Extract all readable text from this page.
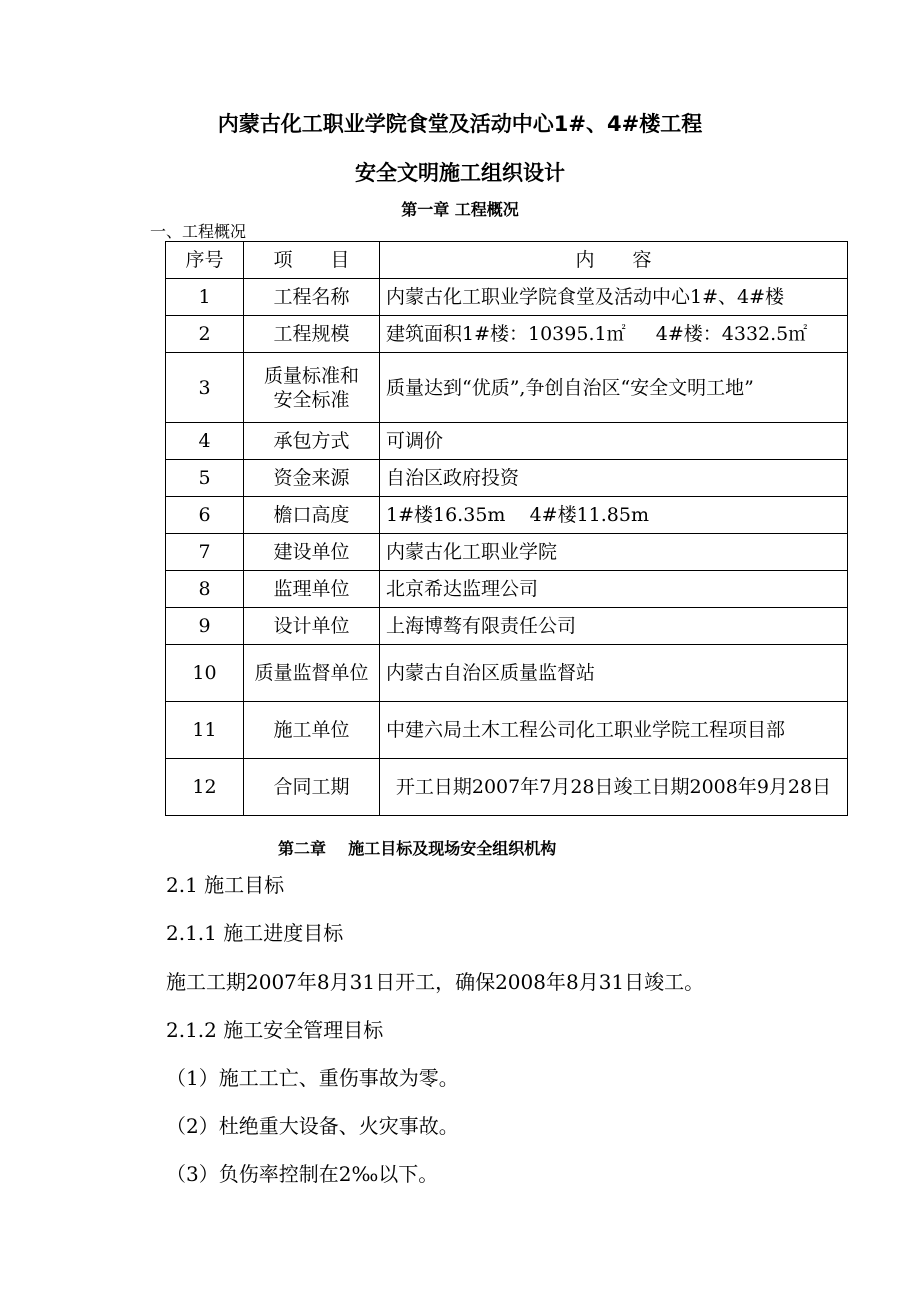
内蒙古化工职业学院食堂及活动中心1#、4#楼工程
安全文明施工组织设计
第一章 工程概况
一、工程概况
序号	项　　目	内　　容
1	工程名称	内蒙古化工职业学院食堂及活动中心1#、4#楼
2	工程规模	建筑面积1#楼：10395.1㎡     4#楼：4332.5㎡
3	质量标准和安全标准	质量达到“优质”,争创自治区“安全文明工地”
4	承包方式	可调价
5	资金来源	自治区政府投资
6	檐口高度	1#楼16.35m    4#楼11.85m
7	建设单位	内蒙古化工职业学院
8	监理单位	北京希达监理公司
9	设计单位	上海博骜有限责任公司
10	质量监督单位	内蒙古自治区质量监督站
11	施工单位	中建六局土木工程公司化工职业学院工程项目部
12	合同工期	开工日期2007年7月28日竣工日期2008年9月28日
第二章    施工目标及现场安全组织机构
2.1 施工目标
2.1.1 施工进度目标
施工工期2007年8月31日开工，确保2008年8月31日竣工。
2.1.2 施工安全管理目标
（1）施工工亡、重伤事故为零。
（2）杜绝重大设备、火灾事故。
（3）负伤率控制在2‰以下。
